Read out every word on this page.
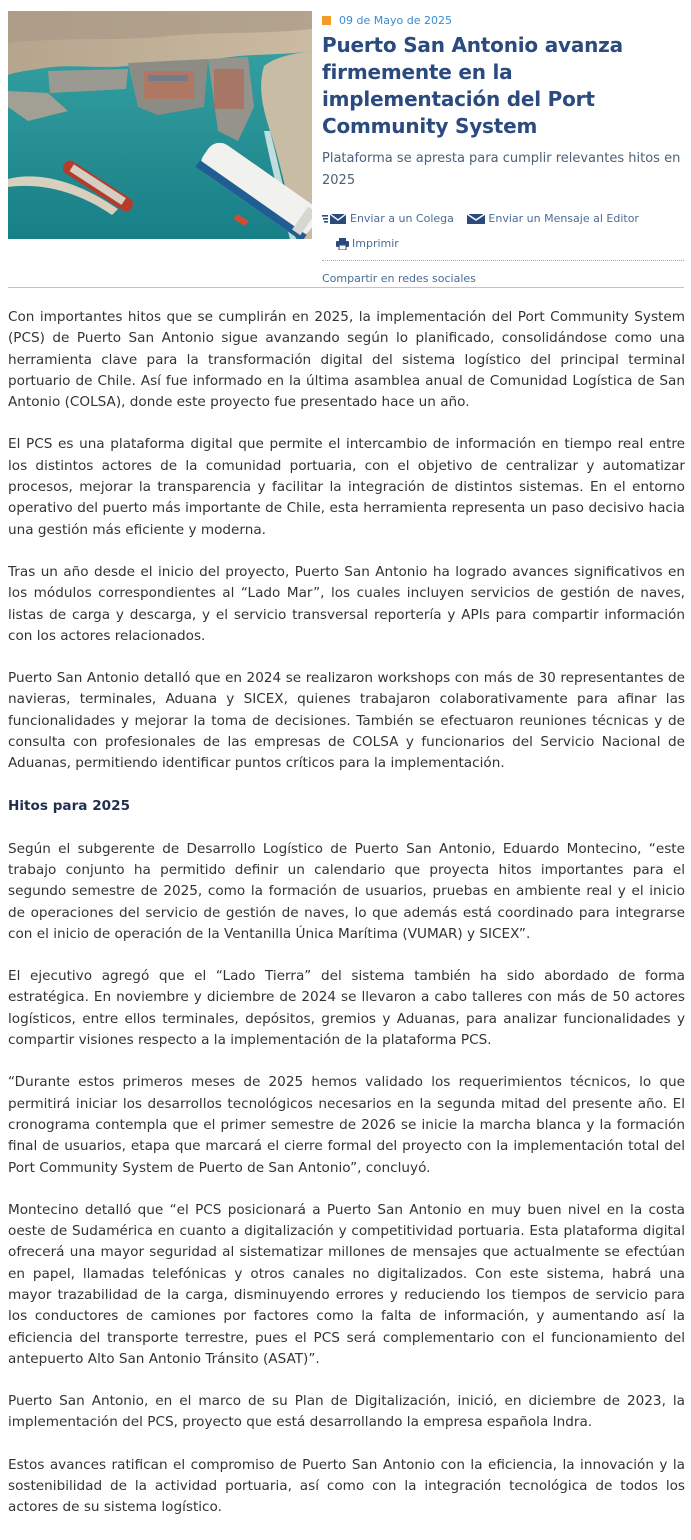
09 de Mayo de 2025
Puerto San Antonio avanza firmemente en la implementación del Port Community System

Plataforma se apresta para cumplir relevantes hitos en 2025

Enviar a un Colega
	Enviar un Mensaje al Editor

Imprimir
Compartir en redes sociales

Con importantes hitos que se cumplirán en 2025, la implementación del Port Community System (PCS) de Puerto San Antonio sigue avanzando según lo planificado, consolidándose como una herramienta clave para la transformación digital del sistema logístico del principal terminal portuario de Chile. Así fue informado en la última asamblea anual de Comunidad Logística de San Antonio (COLSA), donde este proyecto fue presentado hace un año.

El PCS es una plataforma digital que permite el intercambio de información en tiempo real entre los distintos actores de la comunidad portuaria, con el objetivo de centralizar y automatizar procesos, mejorar la transparencia y facilitar la integración de distintos sistemas. En el entorno operativo del puerto más importante de Chile, esta herramienta representa un paso decisivo hacia una gestión más eficiente y moderna.

Tras un año desde el inicio del proyecto, Puerto San Antonio ha logrado avances significativos en los módulos correspondientes al “Lado Mar”, los cuales incluyen servicios de gestión de naves, listas de carga y descarga, y el servicio transversal reportería y APIs para compartir información con los actores relacionados.

Puerto San Antonio detalló que en 2024 se realizaron workshops con más de 30 representantes de navieras, terminales, Aduana y SICEX, quienes trabajaron colaborativamente para afinar las funcionalidades y mejorar la toma de decisiones. También se efectuaron reuniones técnicas y de consulta con profesionales de las empresas de COLSA y funcionarios del Servicio Nacional de Aduanas, permitiendo identificar puntos críticos para la implementación.

Hitos para 2025

Según el subgerente de Desarrollo Logístico de Puerto San Antonio, Eduardo Montecino, “este trabajo conjunto ha permitido definir un calendario que proyecta hitos importantes para el segundo semestre de 2025, como la formación de usuarios, pruebas en ambiente real y el inicio de operaciones del servicio de gestión de naves, lo que además está coordinado para integrarse con el inicio de operación de la Ventanilla Única Marítima (VUMAR) y SICEX”.

El ejecutivo agregó que el “Lado Tierra” del sistema también ha sido abordado de forma estratégica. En noviembre y diciembre de 2024 se llevaron a cabo talleres con más de 50 actores logísticos, entre ellos terminales, depósitos, gremios y Aduanas, para analizar funcionalidades y compartir visiones respecto a la implementación de la plataforma PCS.

“Durante estos primeros meses de 2025 hemos validado los requerimientos técnicos, lo que permitirá iniciar los desarrollos tecnológicos necesarios en la segunda mitad del presente año. El cronograma contempla que el primer semestre de 2026 se inicie la marcha blanca y la formación final de usuarios, etapa que marcará el cierre formal del proyecto con la implementación total del Port Community System de Puerto de San Antonio”, concluyó.

Montecino detalló que “el PCS posicionará a Puerto San Antonio en muy buen nivel en la costa oeste de Sudamérica en cuanto a digitalización y competitividad portuaria. Esta plataforma digital ofrecerá una mayor seguridad al sistematizar millones de mensajes que actualmente se efectúan en papel, llamadas telefónicas y otros canales no digitalizados. Con este sistema, habrá una mayor trazabilidad de la carga, disminuyendo errores y reduciendo los tiempos de servicio para los conductores de camiones por factores como la falta de información, y aumentando así la eficiencia del transporte terrestre, pues el PCS será complementario con el funcionamiento del antepuerto Alto San Antonio Tránsito (ASAT)”.

Puerto San Antonio, en el marco de su Plan de Digitalización, inició, en diciembre de 2023, la implementación del PCS, proyecto que está desarrollando la empresa española Indra.

Estos avances ratifican el compromiso de Puerto San Antonio con la eficiencia, la innovación y la sostenibilidad de la actividad portuaria, así como con la integración tecnológica de todos los actores de su sistema logístico.
